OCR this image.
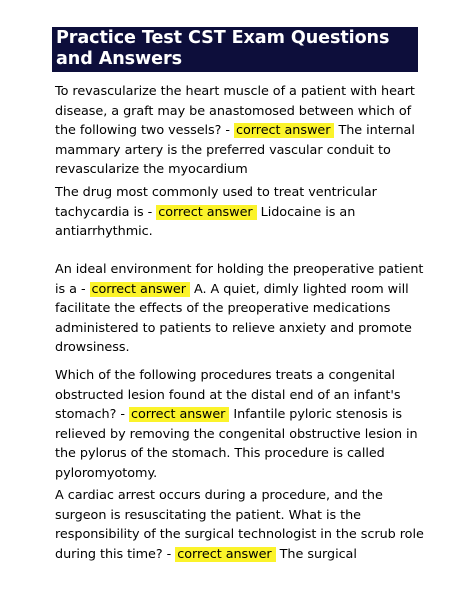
Practice Test CST Exam Questions and Answers
To revascularize the heart muscle of a patient with heart disease, a graft may be anastomosed between which of the following two vessels? - correct answer The internal mammary artery is the preferred vascular conduit to revascularize the myocardium
The drug most commonly used to treat ventricular tachycardia is - correct answer Lidocaine is an antiarrhythmic.
An ideal environment for holding the preoperative patient is a - correct answer A. A quiet, dimly lighted room will facilitate the effects of the preoperative medications administered to patients to relieve anxiety and promote drowsiness.
Which of the following procedures treats a congenital obstructed lesion found at the distal end of an infant's stomach? - correct answer Infantile pyloric stenosis is relieved by removing the congenital obstructive lesion in the pylorus of the stomach. This procedure is called pyloromyotomy.
A cardiac arrest occurs during a procedure, and the surgeon is resuscitating the patient. What is the responsibility of the surgical technologist in the scrub role during this time? - correct answer The surgical
